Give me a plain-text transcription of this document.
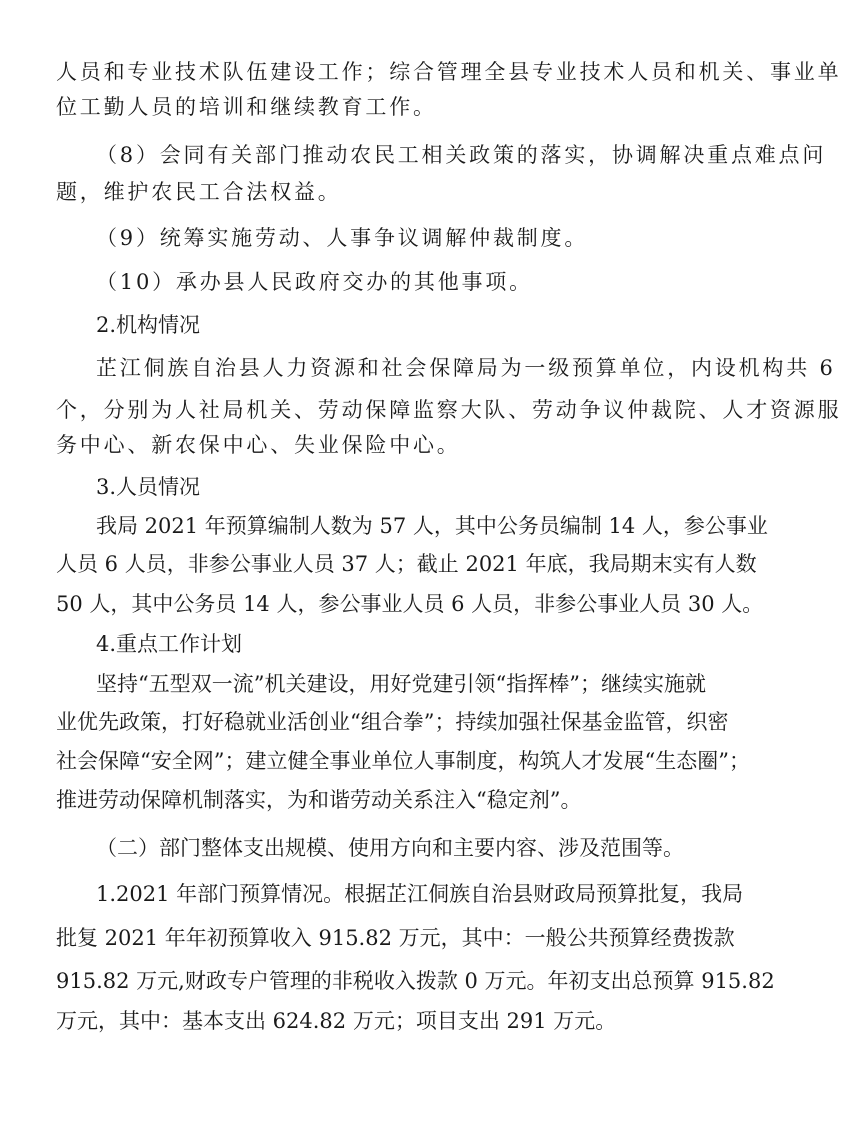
人员和专业技术队伍建设工作；综合管理全县专业技术人员和机关、事业单
位工勤人员的培训和继续教育工作。
（8）会同有关部门推动农民工相关政策的落实，协调解决重点难点问
题，维护农民工合法权益。
（9）统筹实施劳动、人事争议调解仲裁制度。
（10）承办县人民政府交办的其他事项。
2.机构情况
芷江侗族自治县人力资源和社会保障局为一级预算单位，内设机构共 6
个，分别为人社局机关、劳动保障监察大队、劳动争议仲裁院、人才资源服
务中心、新农保中心、失业保险中心。
3.人员情况
我局 2021 年预算编制人数为 57 人，其中公务员编制 14 人，参公事业
人员 6 人员，非参公事业人员 37 人；截止 2021 年底，我局期末实有人数
50 人，其中公务员 14 人，参公事业人员 6 人员，非参公事业人员 30 人。
4.重点工作计划
坚持“五型双一流”机关建设，用好党建引领“指挥棒”；继续实施就
业优先政策，打好稳就业活创业“组合拳”；持续加强社保基金监管，织密
社会保障“安全网”；建立健全事业单位人事制度，构筑人才发展“生态圈”；
推进劳动保障机制落实，为和谐劳动关系注入“稳定剂”。
（二）部门整体支出规模、使用方向和主要内容、涉及范围等。
1.2021 年部门预算情况。根据芷江侗族自治县财政局预算批复，我局
批复 2021 年年初预算收入 915.82 万元，其中：一般公共预算经费拨款
915.82 万元,财政专户管理的非税收入拨款 0 万元。年初支出总预算 915.82
万元，其中：基本支出 624.82 万元；项目支出 291 万元。
